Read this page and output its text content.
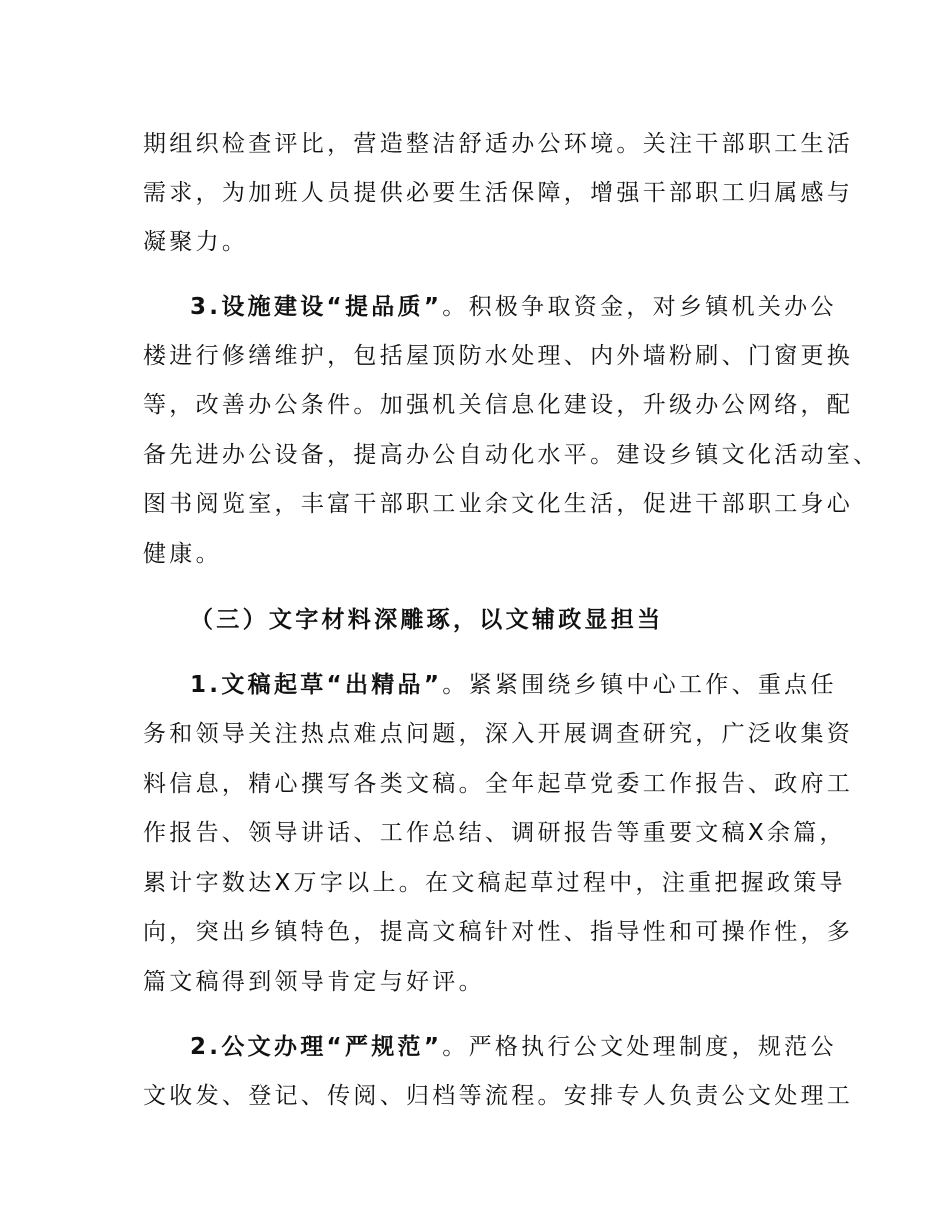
期组织检查评比，营造整洁舒适办公环境。关注干部职工生活
需求，为加班人员提供必要生活保障，增强干部职工归属感与
凝聚力。
3.设施建设“提品质”。积极争取资金，对乡镇机关办公
楼进行修缮维护，包括屋顶防水处理、内外墙粉刷、门窗更换
等，改善办公条件。加强机关信息化建设，升级办公网络，配
备先进办公设备，提高办公自动化水平。建设乡镇文化活动室、
图书阅览室，丰富干部职工业余文化生活，促进干部职工身心
健康。
（三）文字材料深雕琢，以文辅政显担当
1.文稿起草“出精品”。紧紧围绕乡镇中心工作、重点任
务和领导关注热点难点问题，深入开展调查研究，广泛收集资
料信息，精心撰写各类文稿。全年起草党委工作报告、政府工
作报告、领导讲话、工作总结、调研报告等重要文稿X余篇，
累计字数达X万字以上。在文稿起草过程中，注重把握政策导
向，突出乡镇特色，提高文稿针对性、指导性和可操作性，多
篇文稿得到领导肯定与好评。
2.公文办理“严规范”。严格执行公文处理制度，规范公
文收发、登记、传阅、归档等流程。安排专人负责公文处理工
